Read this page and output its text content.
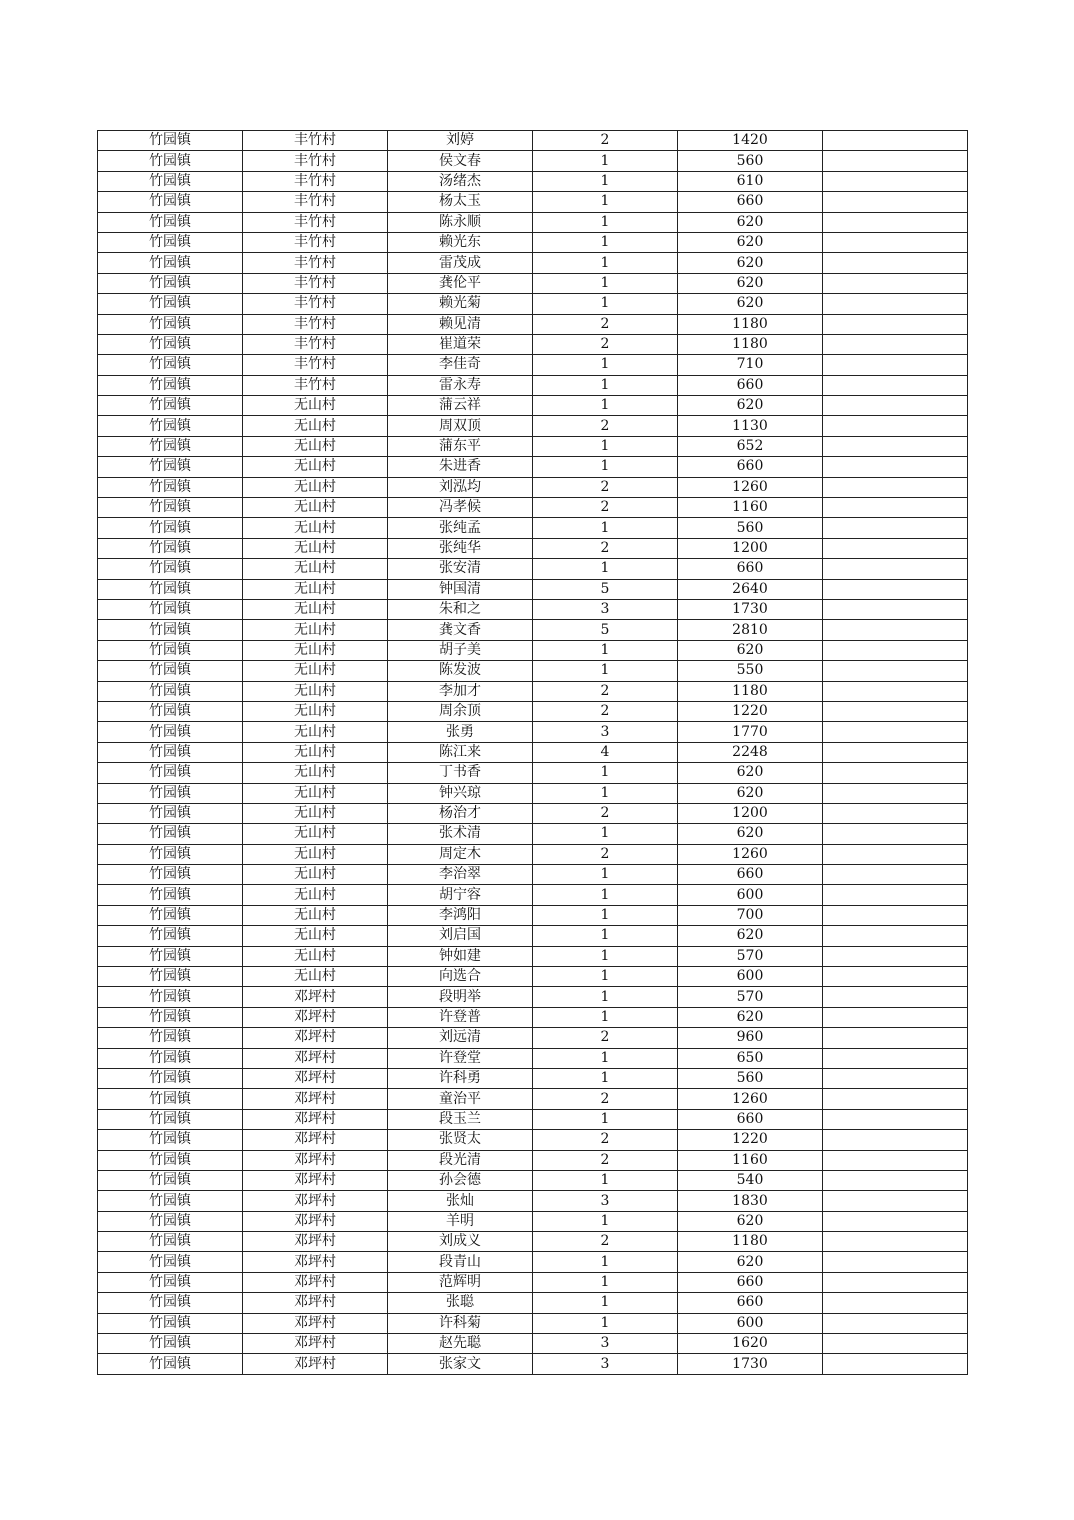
竹园镇	丰竹村	刘婷	2	1420	
竹园镇	丰竹村	侯文春	1	560	
竹园镇	丰竹村	汤绪杰	1	610	
竹园镇	丰竹村	杨太玉	1	660	
竹园镇	丰竹村	陈永顺	1	620	
竹园镇	丰竹村	赖光东	1	620	
竹园镇	丰竹村	雷茂成	1	620	
竹园镇	丰竹村	龚伦平	1	620	
竹园镇	丰竹村	赖光菊	1	620	
竹园镇	丰竹村	赖见清	2	1180	
竹园镇	丰竹村	崔道荣	2	1180	
竹园镇	丰竹村	李佳奇	1	710	
竹园镇	丰竹村	雷永寿	1	660	
竹园镇	无山村	蒲云祥	1	620	
竹园镇	无山村	周双顶	2	1130	
竹园镇	无山村	蒲东平	1	652	
竹园镇	无山村	朱进香	1	660	
竹园镇	无山村	刘泓均	2	1260	
竹园镇	无山村	冯孝候	2	1160	
竹园镇	无山村	张纯孟	1	560	
竹园镇	无山村	张纯华	2	1200	
竹园镇	无山村	张安清	1	660	
竹园镇	无山村	钟国清	5	2640	
竹园镇	无山村	朱和之	3	1730	
竹园镇	无山村	龚文香	5	2810	
竹园镇	无山村	胡子美	1	620	
竹园镇	无山村	陈发波	1	550	
竹园镇	无山村	李加才	2	1180	
竹园镇	无山村	周余顶	2	1220	
竹园镇	无山村	张勇	3	1770	
竹园镇	无山村	陈江来	4	2248	
竹园镇	无山村	丁书香	1	620	
竹园镇	无山村	钟兴琼	1	620	
竹园镇	无山村	杨治才	2	1200	
竹园镇	无山村	张术清	1	620	
竹园镇	无山村	周定木	2	1260	
竹园镇	无山村	李治翠	1	660	
竹园镇	无山村	胡宁容	1	600	
竹园镇	无山村	李鸿阳	1	700	
竹园镇	无山村	刘启国	1	620	
竹园镇	无山村	钟如建	1	570	
竹园镇	无山村	向选合	1	600	
竹园镇	邓坪村	段明举	1	570	
竹园镇	邓坪村	许登普	1	620	
竹园镇	邓坪村	刘远清	2	960	
竹园镇	邓坪村	许登堂	1	650	
竹园镇	邓坪村	许科勇	1	560	
竹园镇	邓坪村	童治平	2	1260	
竹园镇	邓坪村	段玉兰	1	660	
竹园镇	邓坪村	张贤太	2	1220	
竹园镇	邓坪村	段光清	2	1160	
竹园镇	邓坪村	孙会德	1	540	
竹园镇	邓坪村	张灿	3	1830	
竹园镇	邓坪村	羊明	1	620	
竹园镇	邓坪村	刘成义	2	1180	
竹园镇	邓坪村	段青山	1	620	
竹园镇	邓坪村	范辉明	1	660	
竹园镇	邓坪村	张聪	1	660	
竹园镇	邓坪村	许科菊	1	600	
竹园镇	邓坪村	赵先聪	3	1620	
竹园镇	邓坪村	张家文	3	1730	
